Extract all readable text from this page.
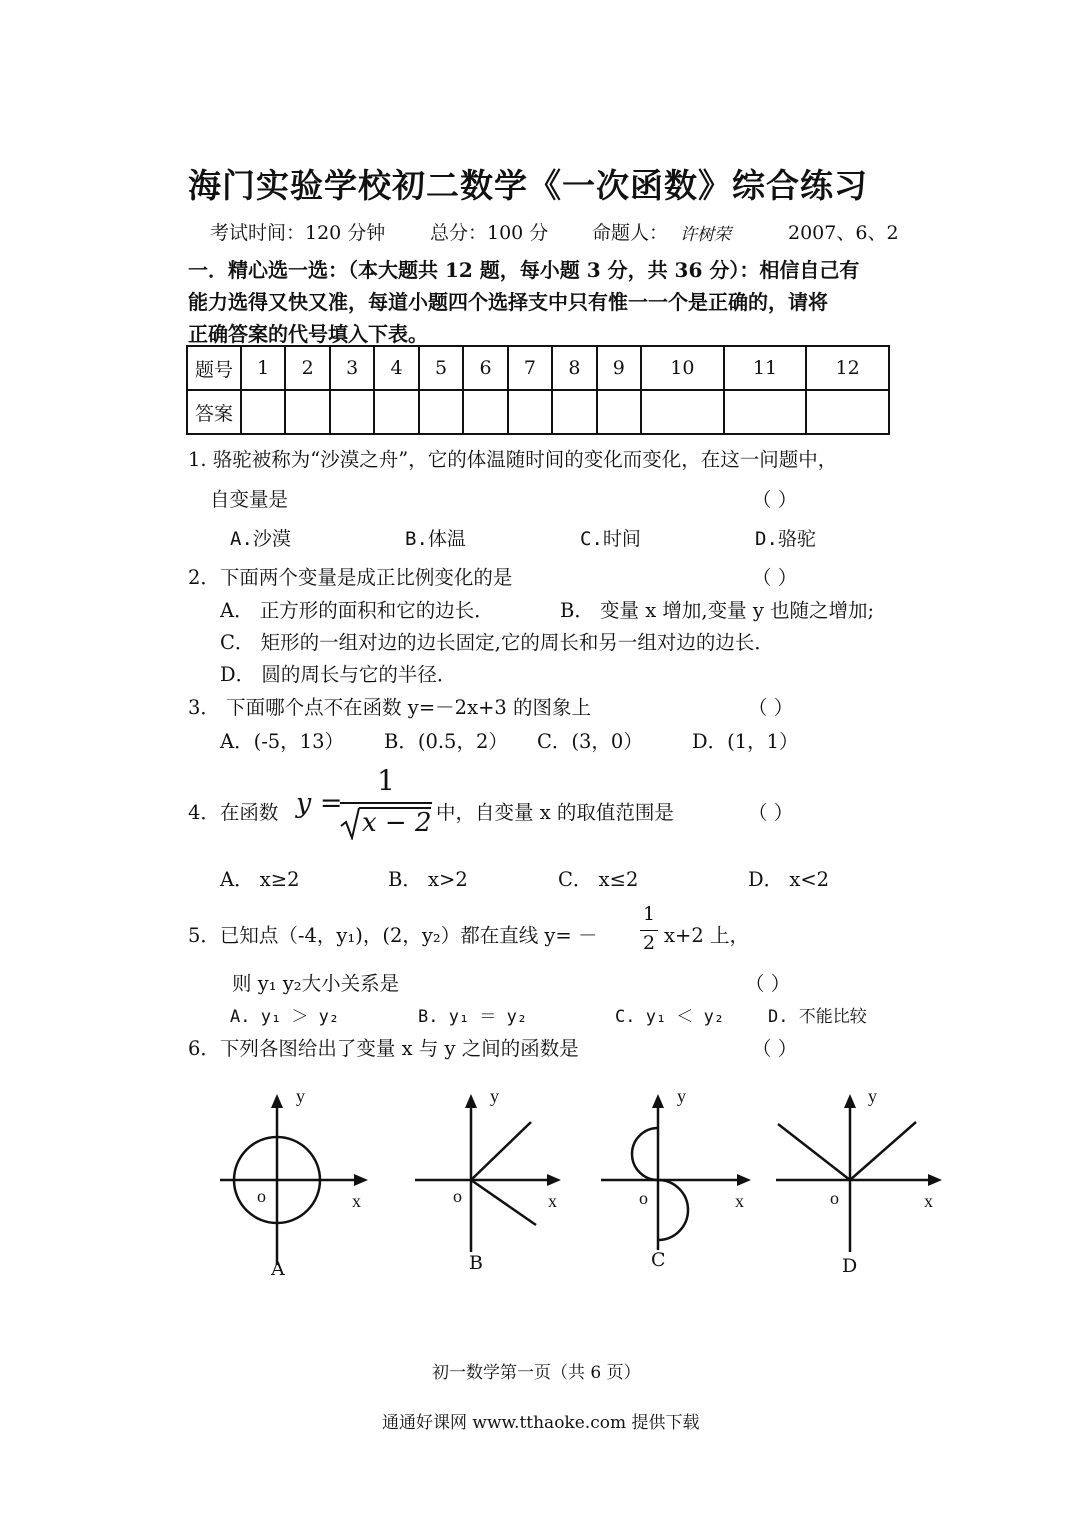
海门实验学校初二数学《一次函数》综合练习
考试时间：120 分钟 总分：100 分 命题人： 许树荣	2007、6、2
一．精心选一选：（本大题共 12 题，每小题 3 分，共 36 分）：相信自己有
能力选得又快又准，每道小题四个选择支中只有惟一一个是正确的，请将
正确答案的代号填入下表。
题号	1	2	3	4	5	6	7	8	9	10	11	12
答案												
1. 骆驼被称为“沙漠之舟”，它的体温随时间的变化而变化，在这一问题中，
自变量是	（ ）
A.沙漠	B.体温	C.时间	D.骆驼
2．下面两个变量是成正比例变化的是	（ ）
A． 正方形的面积和它的边长．	B． 变量 x 增加,变量 y 也随之增加;
C． 矩形的一组对边的边长固定,它的周长和另一组对边的边长．
D． 圆的周长与它的半径．
3． 下面哪个点不在函数 y=－2x+3 的图象上	（ ）
A．(-5，13） B．(0.5，2） C．(3，0）	D．(1，1）
4．在函数 y =
1
x − 2 中，自变量 x 的取值范围是	（ ）
A． x≥2	B． x>2	C． x≤2	D． x<2
5．已知点（-4，y₁)，(2，y₂）都在直线 y= －
1
2 x+2 上，
则 y₁ y₂大小关系是	（ ）
A. y₁ ＞ y₂	B. y₁ ＝ y₂	C. y₁ ＜ y₂	D. 不能比较
6．下列各图给出了变量 x 与 y 之间的函数是	（ ）
y
x
o
A
y
x
o
B
y
x
o
C
y
x
o
D
初一数学第一页（共 6 页）
通通好课网 www.tthaoke.com 提供下载
